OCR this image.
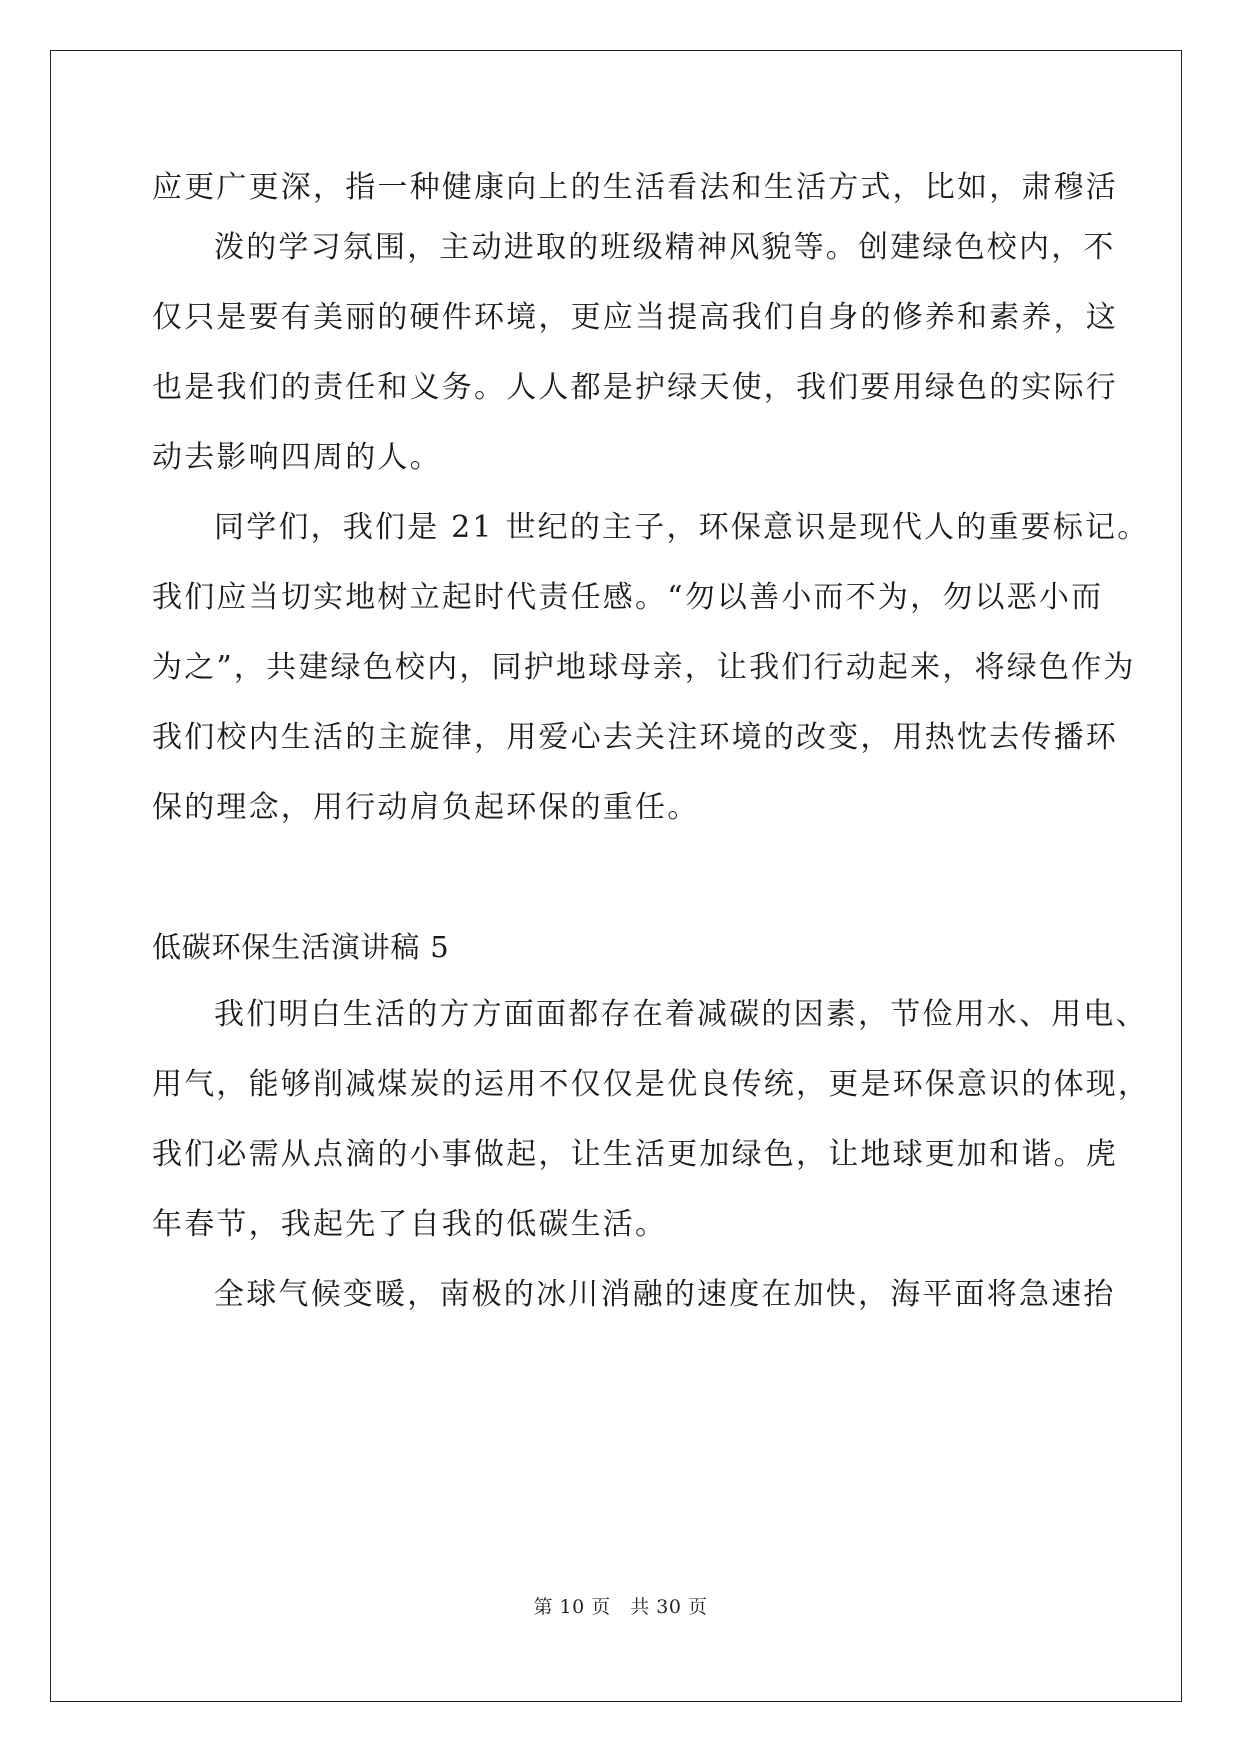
应更广更深，指一种健康向上的生活看法和生活方式，比如，肃穆活
泼的学习氛围，主动进取的班级精神风貌等。创建绿色校内，不
仅只是要有美丽的硬件环境，更应当提高我们自身的修养和素养，这
也是我们的责任和义务。人人都是护绿天使，我们要用绿色的实际行
动去影响四周的人。
同学们，我们是 21 世纪的主子，环保意识是现代人的重要标记。
我们应当切实地树立起时代责任感。“勿以善小而不为，勿以恶小而
为之”，共建绿色校内，同护地球母亲，让我们行动起来，将绿色作为
我们校内生活的主旋律，用爱心去关注环境的改变，用热忱去传播环
保的理念，用行动肩负起环保的重任。
低碳环保生活演讲稿 5
我们明白生活的方方面面都存在着减碳的因素，节俭用水、用电、
用气，能够削减煤炭的运用不仅仅是优良传统，更是环保意识的体现，
我们必需从点滴的小事做起，让生活更加绿色，让地球更加和谐。虎
年春节，我起先了自我的低碳生活。
全球气候变暖，南极的冰川消融的速度在加快，海平面将急速抬
第 10 页　共 30 页
